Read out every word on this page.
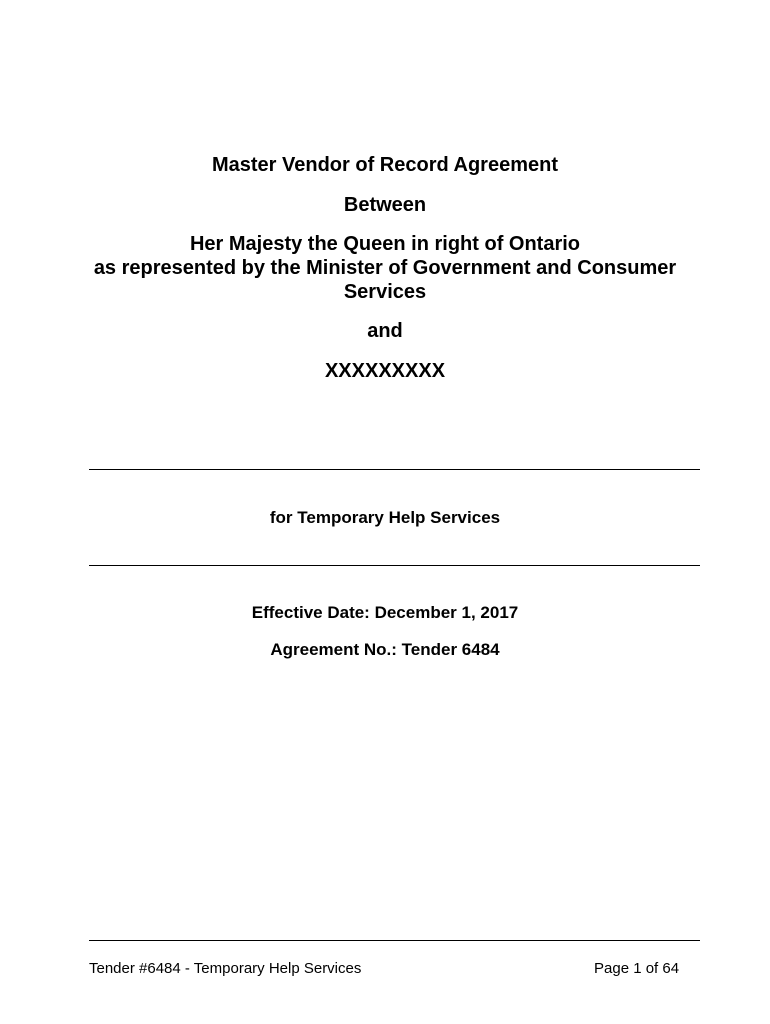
Master Vendor of Record Agreement
Between
Her Majesty the Queen in right of Ontario
as represented by the Minister of Government and Consumer
Services
and
XXXXXXXXX
for Temporary Help Services
Effective Date: December 1, 2017
Agreement No.: Tender 6484
Tender #6484 - Temporary Help Services	Page 1 of 64
